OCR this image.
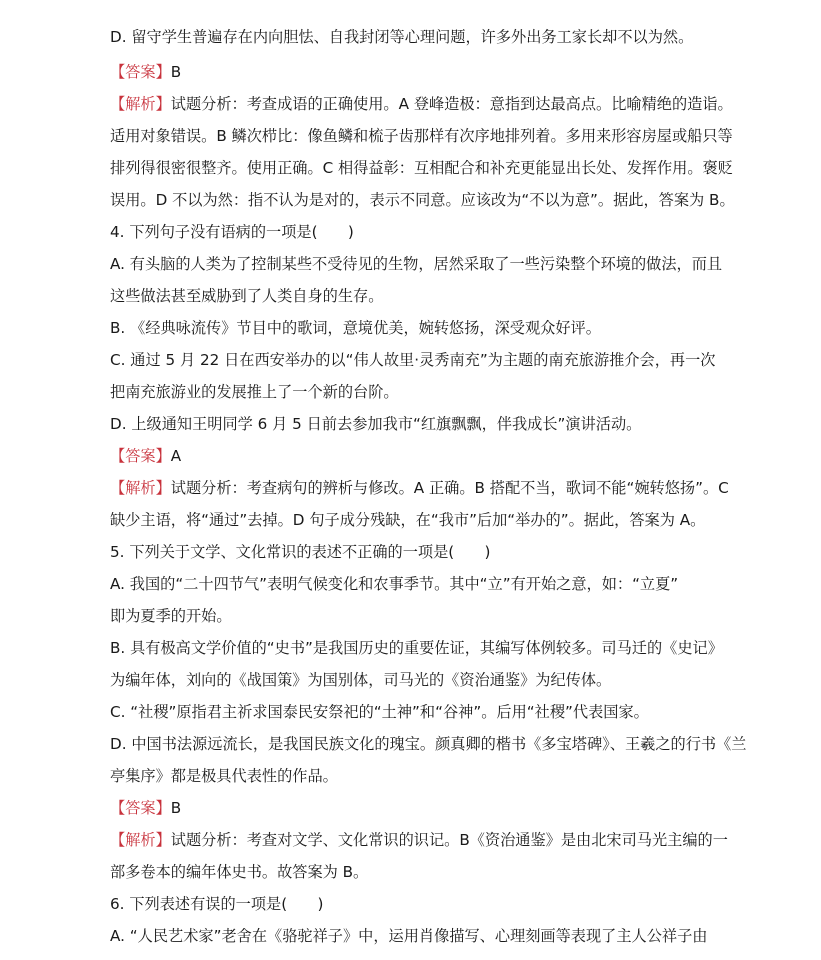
D. 留守学生普遍存在内向胆怯、自我封闭等心理问题，许多外出务工家长却不以为然。
【答案】B
【解析】试题分析：考查成语的正确使用。A 登峰造极：意指到达最高点。比喻精绝的造诣。
适用对象错误。B 鳞次栉比：像鱼鳞和梳子齿那样有次序地排列着。多用来形容房屋或船只等
排列得很密很整齐。使用正确。C 相得益彰：互相配合和补充更能显出长处、发挥作用。褒贬
误用。D 不以为然：指不认为是对的，表示不同意。应该改为“不以为意”。据此，答案为 B。
4. 下列句子没有语病的一项是(　　)
A. 有头脑的人类为了控制某些不受待见的生物，居然采取了一些污染整个环境的做法，而且
这些做法甚至威胁到了人类自身的生存。
B. 《经典咏流传》节目中的歌词，意境优美，婉转悠扬，深受观众好评。
C. 通过 5 月 22 日在西安举办的以“伟人故里·灵秀南充”为主题的南充旅游推介会，再一次
把南充旅游业的发展推上了一个新的台阶。
D. 上级通知王明同学 6 月 5 日前去参加我市“红旗飘飘，伴我成长”演讲活动。
【答案】A
【解析】试题分析：考查病句的辨析与修改。A 正确。B 搭配不当，歌词不能“婉转悠扬”。C
缺少主语，将“通过”去掉。D 句子成分残缺，在“我市”后加“举办的”。据此，答案为 A。
5. 下列关于文学、文化常识的表述不正确的一项是(　　)
A. 我国的“二十四节气”表明气候变化和农事季节。其中“立”有开始之意，如：“立夏”
即为夏季的开始。
B. 具有极高文学价值的“史书”是我国历史的重要佐证，其编写体例较多。司马迁的《史记》
为编年体，刘向的《战国策》为国别体，司马光的《资治通鉴》为纪传体。
C. “社稷”原指君主祈求国泰民安祭祀的“土神”和“谷神”。后用“社稷”代表国家。
D. 中国书法源远流长，是我国民族文化的瑰宝。颜真卿的楷书《多宝塔碑》、王羲之的行书《兰
亭集序》都是极具代表性的作品。
【答案】B
【解析】试题分析：考查对文学、文化常识的识记。B《资治通鉴》是由北宋司马光主编的一
部多卷本的编年体史书。故答案为 B。
6. 下列表述有误的一项是(　　)
A. “人民艺术家”老舍在《骆驼祥子》中，运用肖像描写、心理刻画等表现了主人公祥子由
